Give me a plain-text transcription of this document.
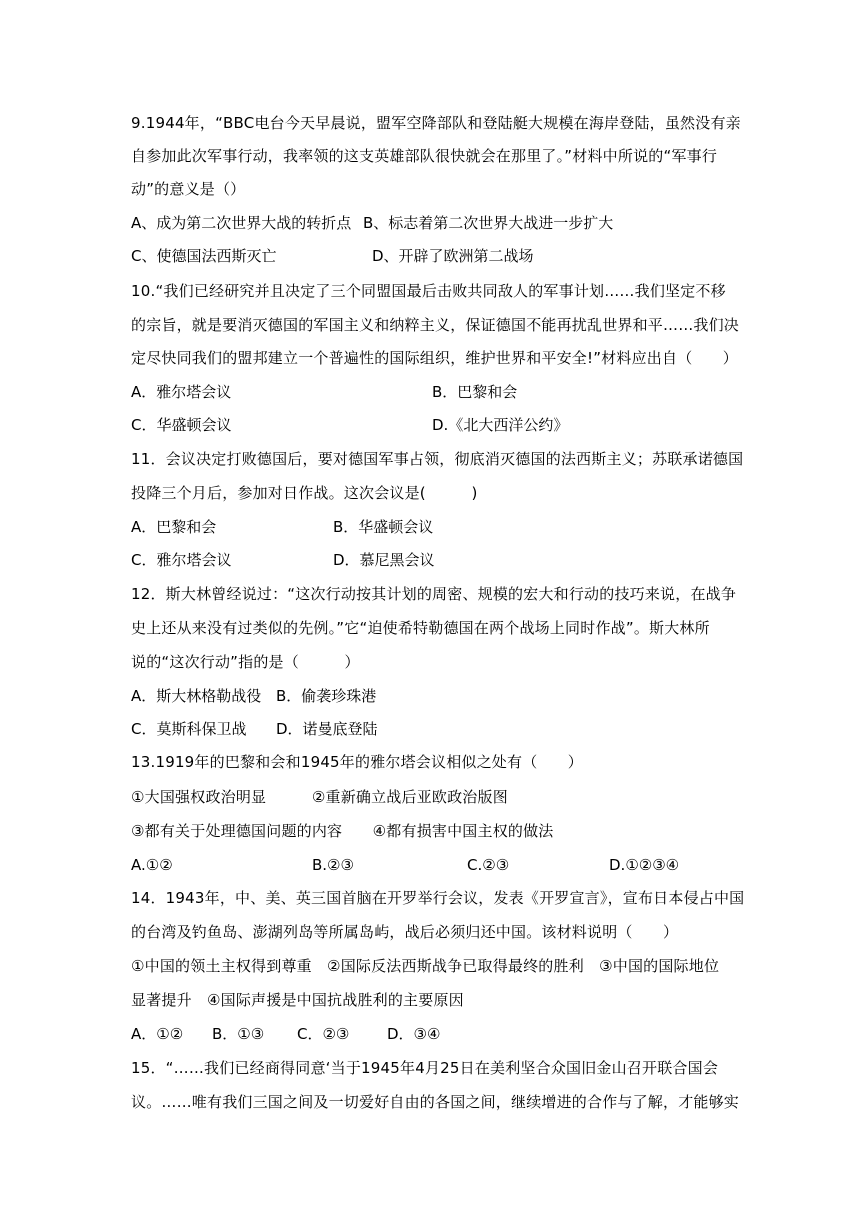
9.1944年，“BBC电台今天早晨说，盟军空降部队和登陆艇大规模在海岸登陆，虽然没有亲
自参加此次军事行动，我率领的这支英雄部队很快就会在那里了。”材料中所说的“军事行
动”的意义是（）
A、成为第二次世界大战的转折点 B、标志着第二次世界大战进一步扩大
C、使德国法西斯灭亡	D、开辟了欧洲第二战场
10.“我们已经研究并且决定了三个同盟国最后击败共同敌人的军事计划……我们坚定不移
的宗旨，就是要消灭德国的军国主义和纳粹主义，保证德国不能再扰乱世界和平……我们决
定尽快同我们的盟邦建立一个普遍性的国际组织，维护世界和平安全!”材料应出自（　　）
A．雅尔塔会议	B．巴黎和会
C．华盛顿会议	D.《北大西洋公约》
11．会议决定打败德国后，要对德国军事占领，彻底消灭德国的法西斯主义；苏联承诺德国
投降三个月后，参加对日作战。这次会议是(　　　)
A．巴黎和会	B．华盛顿会议
C．雅尔塔会议	D．慕尼黑会议
12．斯大林曾经说过：“这次行动按其计划的周密、规模的宏大和行动的技巧来说，在战争
史上还从来没有过类似的先例。”它“迫使希特勒德国在两个战场上同时作战”。斯大林所
说的“这次行动”指的是（　　　）
A．斯大林格勒战役 B．偷袭珍珠港
C．莫斯科保卫战 D．诺曼底登陆
13.1919年的巴黎和会和1945年的雅尔塔会议相似之处有（　　）
①大国强权政治明显　　　②重新确立战后亚欧政治版图
③都有关于处理德国问题的内容　　④都有损害中国主权的做法
A.①②	B.②③	C.②③	D.①②③④
14．1943年，中、美、英三国首脑在开罗举行会议，发表《开罗宣言》，宣布日本侵占中国
的台湾及钓鱼岛、澎湖列岛等所属岛屿，战后必须归还中国。该材料说明（　　）
①中国的领土主权得到尊重　②国际反法西斯战争已取得最终的胜利　③中国的国际地位
显著提升　④国际声援是中国抗战胜利的主要原因
A．①② B．①③ C．②③	D．③④
15．“……我们已经商得同意‘当于1945年4月25日在美利坚合众国旧金山召开联合国会
议。……唯有我们三国之间及一切爱好自由的各国之间，继续增进的合作与了解，才能够实
